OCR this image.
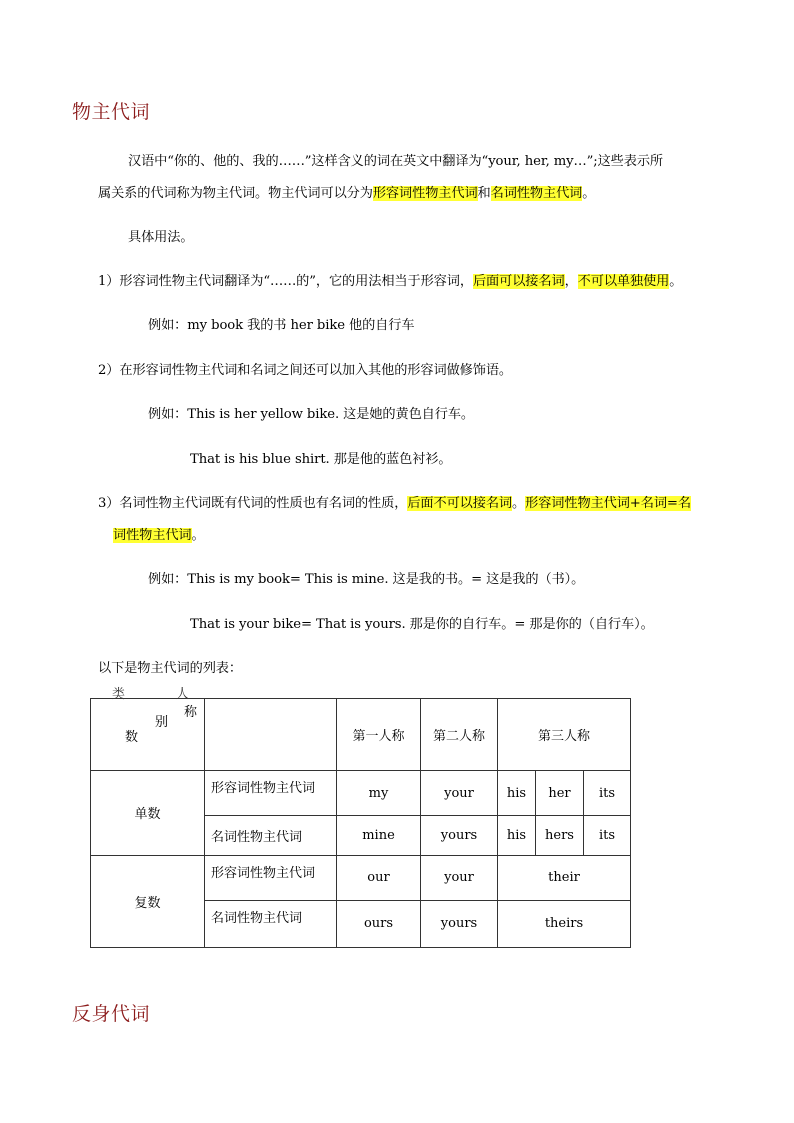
物主代词
汉语中“你的、他的、我的……”这样含义的词在英文中翻译为“your, her, my…”;这些表示所
属关系的代词称为物主代词。物主代词可以分为形容词性物主代词和名词性物主代词。
具体用法。
1）形容词性物主代词翻译为“……的”，它的用法相当于形容词，后面可以接名词，不可以单独使用。
例如：my book 我的书 her bike 他的自行车
2）在形容词性物主代词和名词之间还可以加入其他的形容词做修饰语。
例如：This is her yellow bike. 这是她的黄色自行车。
That is his blue shirt. 那是他的蓝色衬衫。
3）名词性物主代词既有代词的性质也有名词的性质，后面不可以接名词。形容词性物主代词+名词=名
词性物主代词。
例如：This is my book= This is mine. 这是我的书。= 这是我的（书）。
That is your bike= That is yours. 那是你的自行车。= 那是你的（自行车）。
以下是物主代词的列表：
类	人
称
别
数		第一人称	第二人称	第三人称		
单数	形容词性物主代词	my	your	his	her	its
	名词性物主代词	mine	yours	his	hers	its
复数	形容词性物主代词	our	your	their		
	名词性物主代词	ours	yours	theirs		
反身代词
